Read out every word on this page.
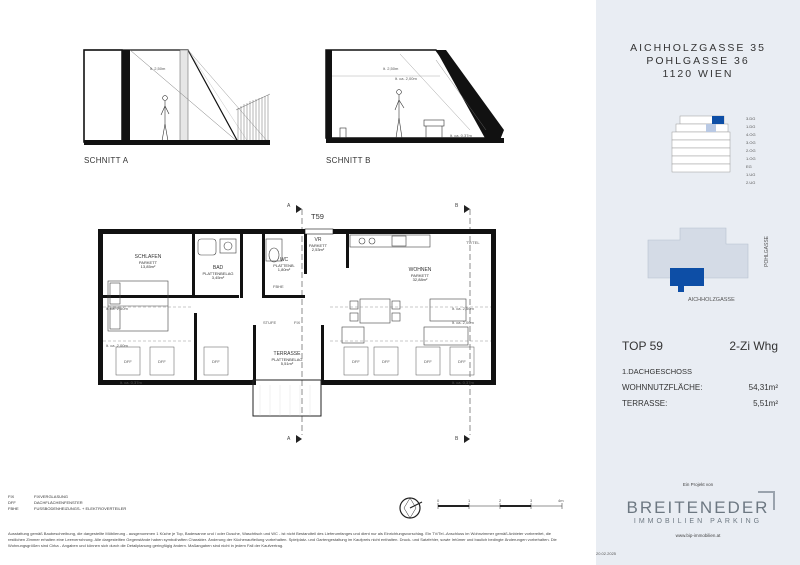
lt. 2,50m	lt. 2,50m
lt. ca. 2,00m
lt. ca. 0,37m
SCHNITT A	SCHNITT B
A
A
B
B
T59
TV/TEL
STUFE
FBHE
FIX
DFF	DFF	DFF	DFF	DFF	DFF	DFF
lt. ca. 2,50m
lt. ca. 2,00m
lt. ca. 0,37m
lt. ca. 2,50m
lt. ca. 2,00m
lt. ca. 0,37m
SCHLAFEN
PARKETT
13,85m²	BAD
PLATTENBELAG
3,45m²
WC
PLATTENB.
1,80m²
VR
PARKETT
2,53m²
WOHNEN
PARKETT
32,88m²
TERRASSE
PLATTENBELAG
5,51m²
FIX	FIXVERGLASUNG
DFF	DACHFLÄCHENFENSTER
FBHE	FUSSBODENHEIZUNGS- + ELEKTROVERTEILER
0	1	2	3	4m
Ausstattung gemäß Baubeschreibung, die dargestellte Möblierung - ausgenommen 1 Küche je Top, Badewanne und / oder Dusche, Waschtisch und WC - ist nicht Bestandteil des Lieferumfanges und dient nur als Einrichtungsvorschlag. Ein TV/Tel.-Anschluss im Wohnzimmer gemäß Anbieter vorbereitet, die restlichen Zimmer erhalten eine Leerverrohrung. Alle dargestellten Gegenstände haben symbolhaften Charakter. Änderung der Küchenaufteilung vorbehalten. Spielplatz- und Gartengestaltung im Kaufpreis nicht enthalten. Druck- und Satzfehler, sowie Irrtümer und baulich bedingte Änderungen vorbehalten. Die Wohnungsgrößen sind Cirka - Angaben und können sich durch die Detailplanung geringfügig ändern. Maßangaben sind nicht in jedem Fall der Kaufvertrag.
AICHHOLZGASSE 35
POHLGASSE 36
1120 WIEN
3.DG
1.DG
4.OG
3.OG
2.OG
1.OG
EG
1.UG
2.UG
POHLGASSE
AICHHOLZGASSE
TOP 59	2-Zi Whg
1.DACHGESCHOSS
WOHNNUTZFLÄCHE:	54,31m²
TERRASSE:	5,51m²
Ein Projekt von
BREITENEDER
IMMOBILIEN PARKING
www.bip-immobilien.at
20.02.2025
